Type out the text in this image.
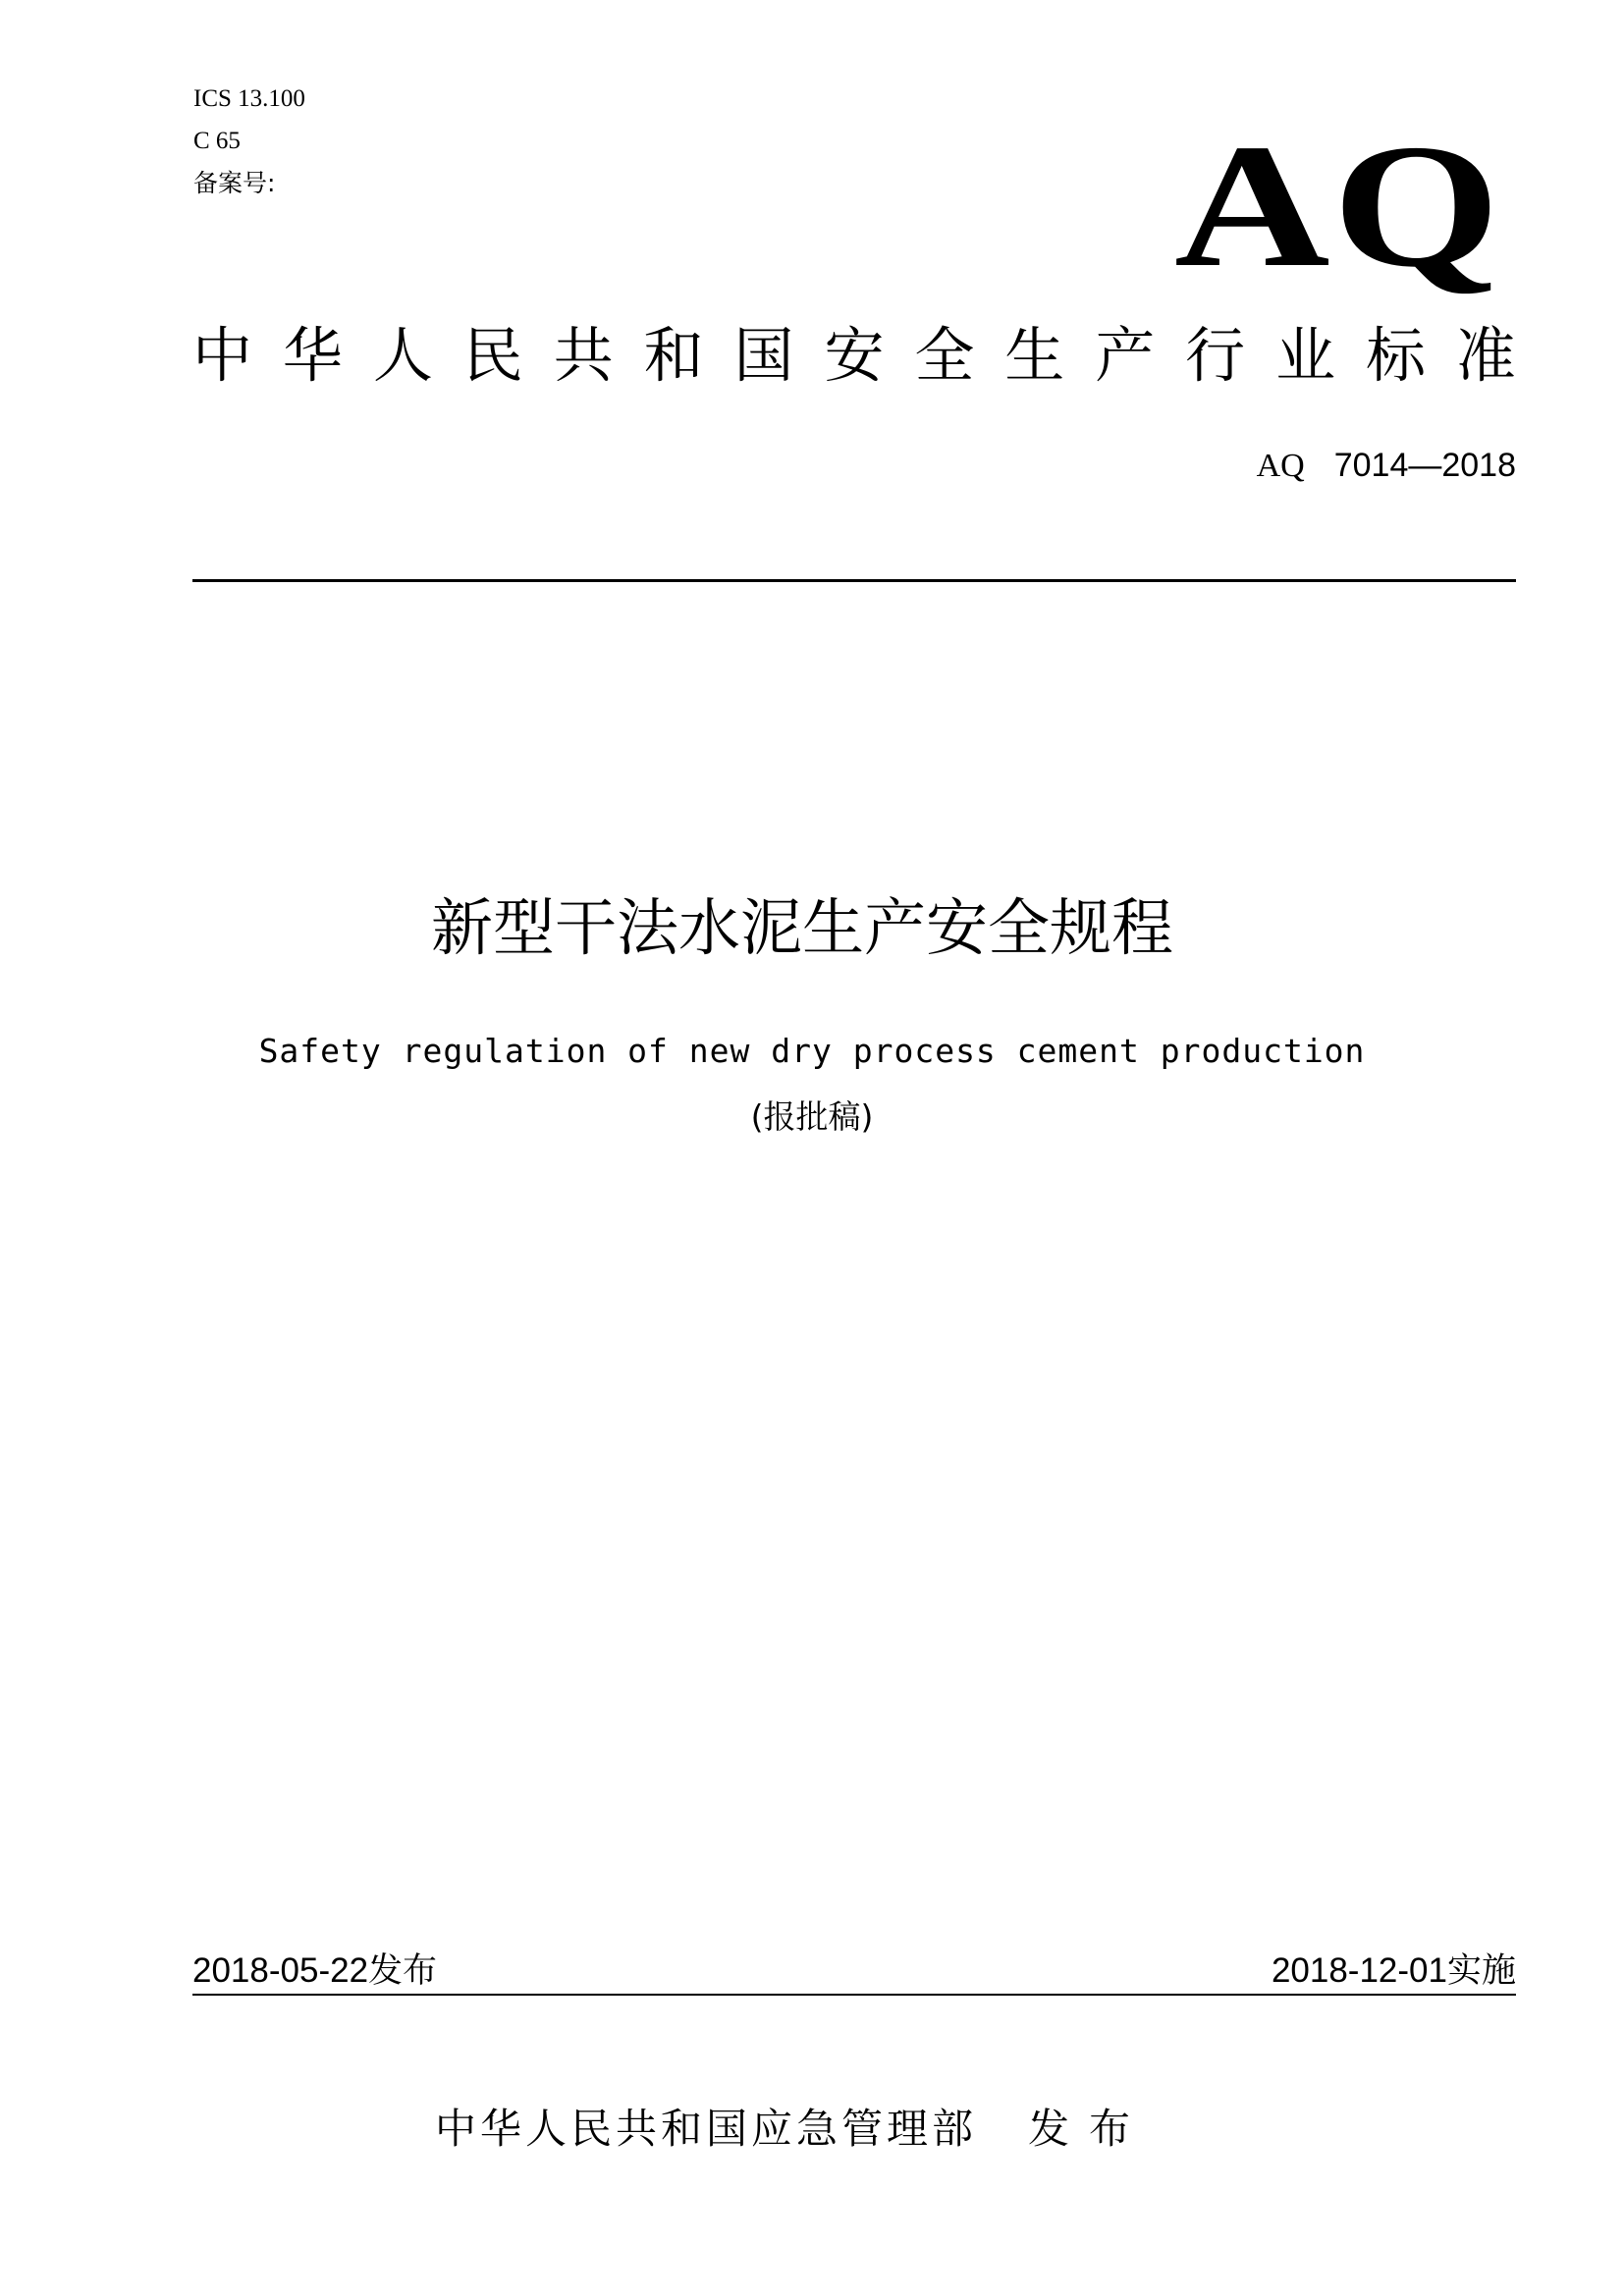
ICS 13.100
C 65
备案号:	AQ
中 华 人 民 共 和 国 安 全 生 产 行 业 标 准
AQ 7014—2018
新型干法水泥生产安全规程
Safety regulation of new dry process cement production
(报批稿)
2018-05-22发布	2018-12-01实施
中华人民共和国应急管理部 发布
